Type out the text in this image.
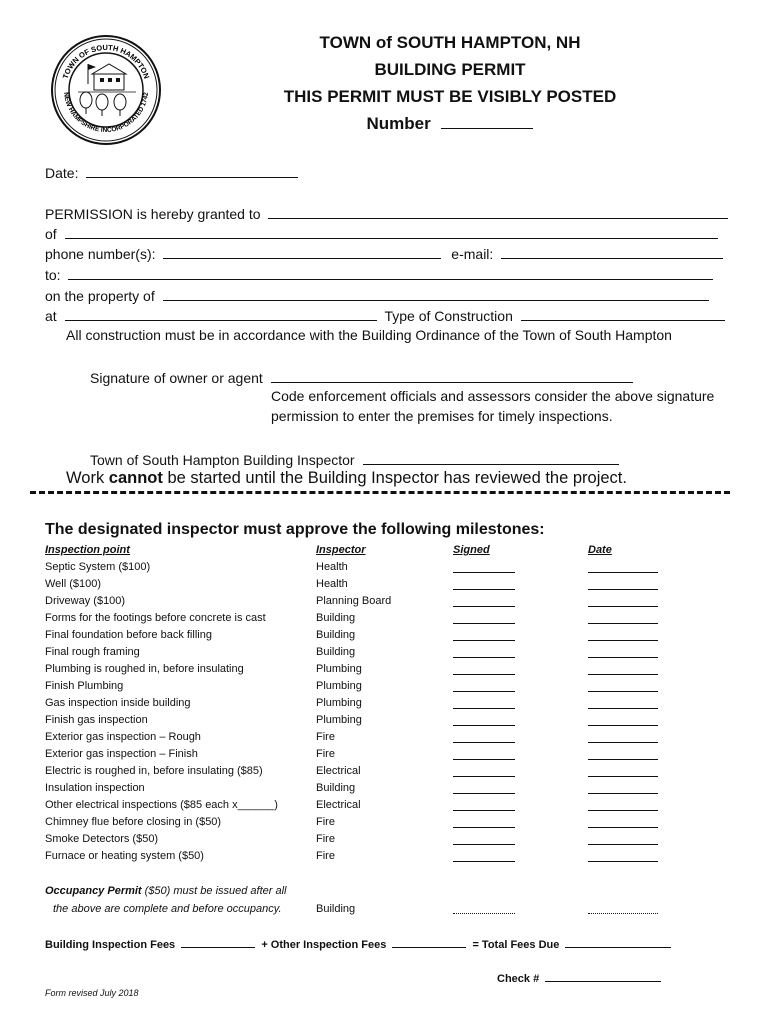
TOWN OF SOUTH HAMPTON
NEW HAMPSHIRE INCORPORATED 1742
TOWN of SOUTH HAMPTON, NH
BUILDING PERMIT
THIS PERMIT MUST BE VISIBLY POSTED
Number
Date:
PERMISSION is hereby granted to
of
phone number(s):	e-mail:
to:
on the property of
at	Type of Construction
All construction must be in accordance with the Building Ordinance of the Town of South Hampton
Signature of owner or agent
Code enforcement officials and assessors consider the above signature
permission to enter the premises for timely inspections.
Town of South Hampton Building Inspector
Work cannot be started until the Building Inspector has reviewed the project.
The designated inspector must approve the following milestones:
Inspection point	Inspector	Signed	Date
Septic System ($100)	Health
Well ($100)	Health
Driveway ($100)	Planning Board
Forms for the footings before concrete is cast	Building
Final foundation before back filling	Building
Final rough framing	Building
Plumbing is roughed in, before insulating	Plumbing
Finish Plumbing	Plumbing
Gas inspection inside building	Plumbing
Finish gas inspection	Plumbing
Exterior gas inspection – Rough	Fire
Exterior gas inspection – Finish	Fire
Electric is roughed in, before insulating ($85)	Electrical
Insulation inspection	Building
Other electrical inspections ($85 each x______)	Electrical
Chimney flue before closing in ($50)	Fire
Smoke Detectors ($50)	Fire
Furnace or heating system ($50)	Fire
Occupancy Permit ($50) must be issued after all
the above are complete and before occupancy.	Building
Building Inspection Fees	+ Other Inspection Fees	= Total Fees Due
Check #
Form revised July 2018
